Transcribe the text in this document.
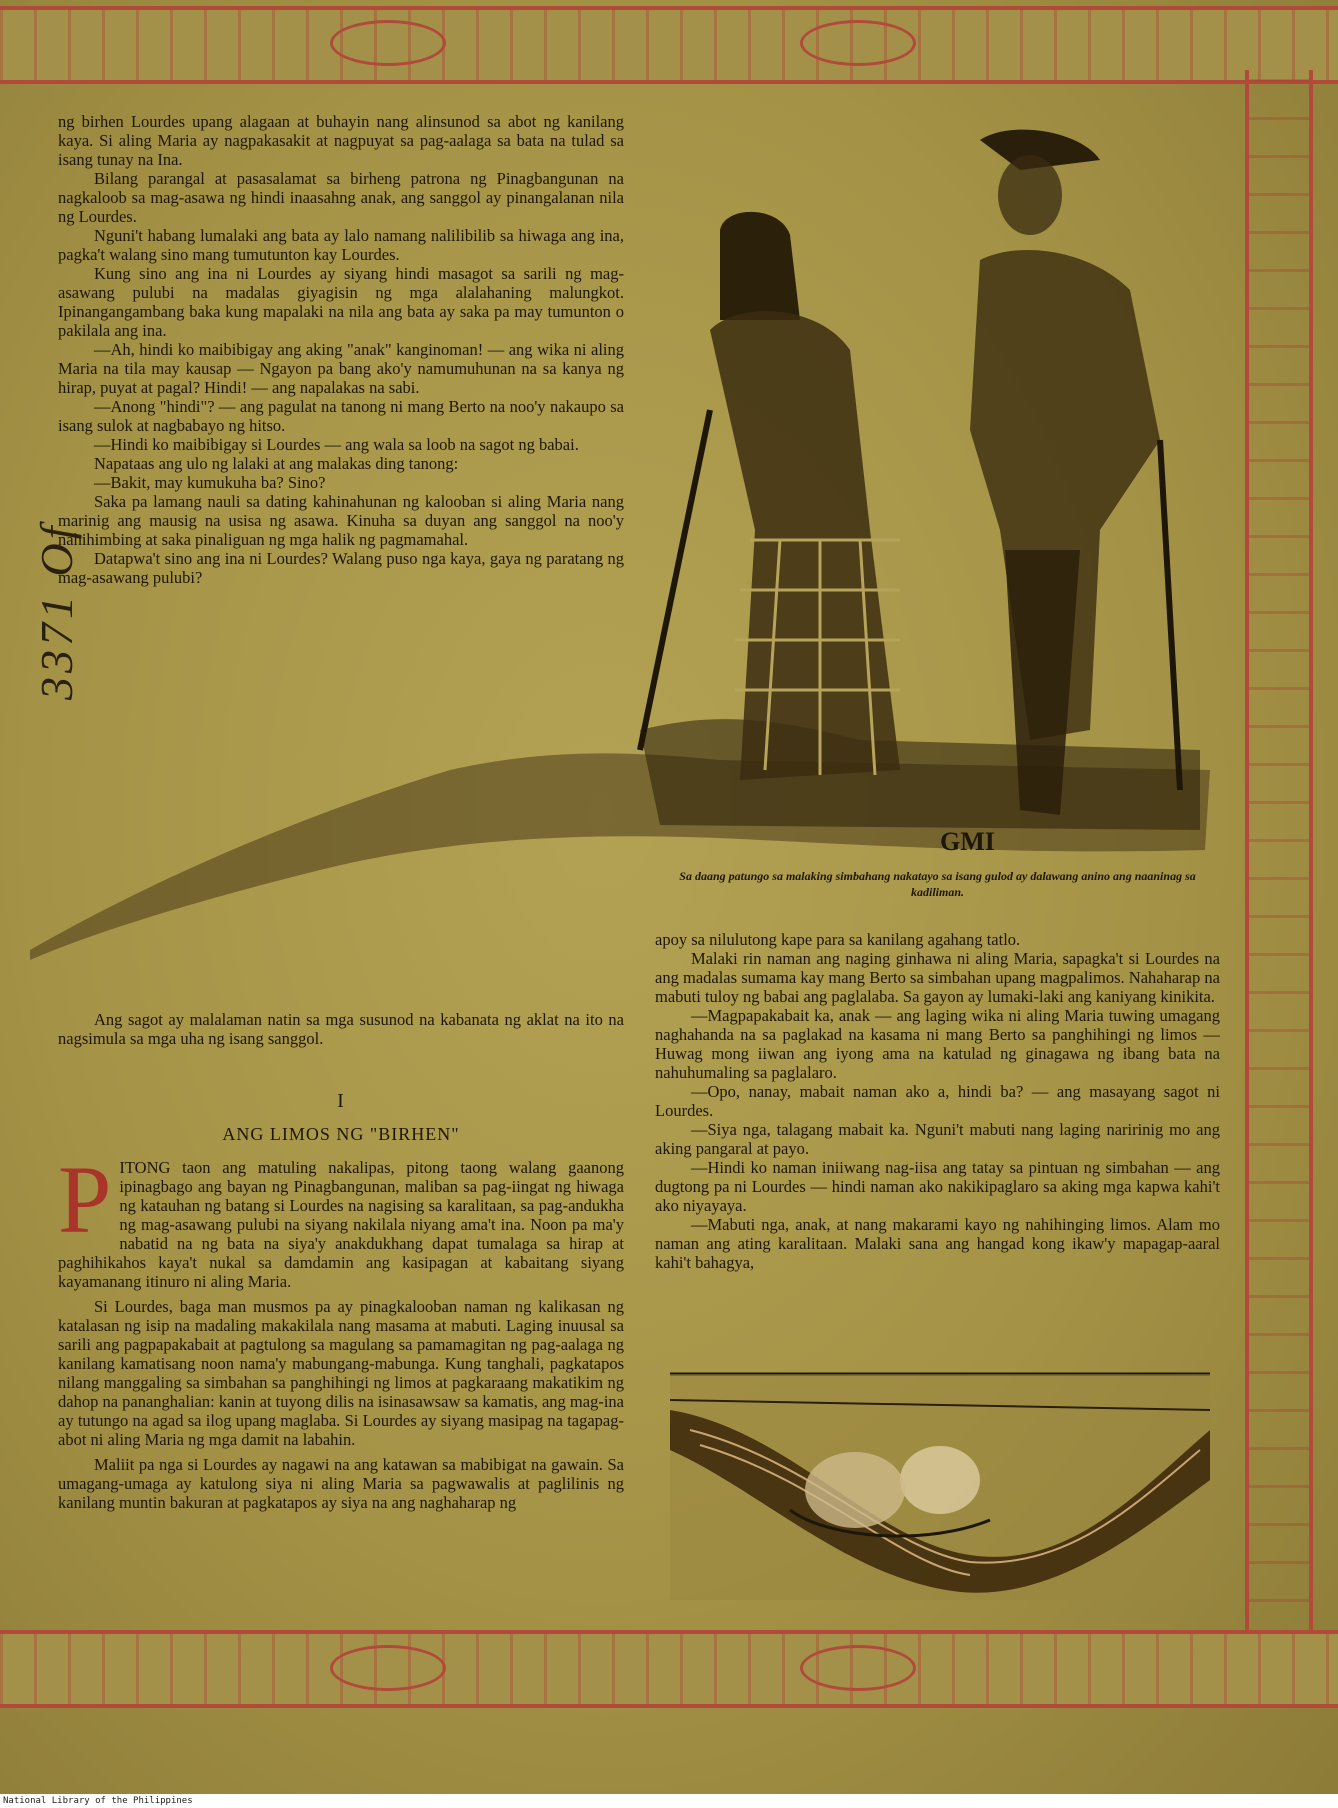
ng birhen Lourdes upang alagaan at buhayin nang alinsunod sa abot ng kanilang kaya. Si aling Maria ay nagpakasakit at nagpuyat sa pag-aalaga sa bata na tulad sa isang tunay na Ina.

Bilang parangal at pasasalamat sa birheng patrona ng Pinagbangunan na nagkaloob sa mag-asawa ng hindi inaasahng anak, ang sanggol ay pinangalanan nila ng Lourdes.

Nguni't habang lumalaki ang bata ay lalo namang nalilibilib sa hiwaga ang ina, pagka't walang sino mang tumutunton kay Lourdes.

Kung sino ang ina ni Lourdes ay siyang hindi masagot sa sarili ng mag-asawang pulubi na madalas giyagisin ng mga alalahaning malungkot. Ipinangangambang baka kung mapalaki na nila ang bata ay saka pa may tumunton o pakilala ang ina.

—Ah, hindi ko maibibigay ang aking "anak" kanginoman! — ang wika ni aling Maria na tila may kausap — Ngayon pa bang ako'y namumuhunan na sa kanya ng hirap, puyat at pagal? Hindi! — ang napalakas na sabi.

—Anong "hindi"? — ang pagulat na tanong ni mang Berto na noo'y nakaupo sa isang sulok at nagbabayo ng hitso.

—Hindi ko maibibigay si Lourdes — ang wala sa loob na sagot ng babai.

Napataas ang ulo ng lalaki at ang malakas ding tanong:

—Bakit, may kumukuha ba? Sino?

Saka pa lamang nauli sa dating kahinahunan ng kalooban si aling Maria nang marinig ang mausig na usisa ng asawa. Kinuha sa duyan ang sanggol na noo'y nahihimbing at saka pinaliguan ng mga halik ng pagmamahal.

Datapwa't sino ang ina ni Lourdes? Walang puso nga kaya, gaya ng paratang ng mag-asawang pulubi?

3371 Of
GMI
Sa daang patungo sa malaking simbahang nakatayo sa isang gulod ay dalawang anino ang naaninag sa kadiliman.

Ang sagot ay malalaman natin sa mga susunod na kabanata ng aklat na ito na nagsimula sa mga uha ng isang sanggol.

I
ANG LIMOS NG "BIRHEN"

PITONG taon ang matuling nakalipas, pitong taong walang gaanong ipinagbago ang bayan ng Pinagbangunan, maliban sa pag-iingat ng hiwaga ng katauhan ng batang si Lourdes na nagising sa karalitaan, sa pag-andukha ng mag-asawang pulubi na siyang nakilala niyang ama't ina. Noon pa ma'y nabatid na ng bata na siya'y anakdukhang dapat tumalaga sa hirap at paghihikahos kaya't nukal sa damdamin ang kasipagan at kabaitang siyang kayamanang itinuro ni aling Maria.

Si Lourdes, baga man musmos pa ay pinagkalooban naman ng kalikasan ng katalasan ng isip na madaling makakilala nang masama at mabuti. Laging inuusal sa sarili ang pagpapakabait at pagtulong sa magulang sa pamamagitan ng pag-aalaga ng kanilang kamatisang noon nama'y mabungang-mabunga. Kung tanghali, pagkatapos nilang manggaling sa simbahan sa panghihingi ng limos at pagkaraang makatikim ng dahop na pananghalian: kanin at tuyong dilis na isinasawsaw sa kamatis, ang mag-ina ay tutungo na agad sa ilog upang maglaba. Si Lourdes ay siyang masipag na tagapag-abot ni aling Maria ng mga damit na labahin.

Maliit pa nga si Lourdes ay nagawi na ang katawan sa mabibigat na gawain. Sa umagang-umaga ay katulong siya ni aling Maria sa pagwawalis at paglilinis ng kanilang muntin bakuran at pagkatapos ay siya na ang naghaharap ng

apoy sa nilulutong kape para sa kanilang agahang tatlo.

Malaki rin naman ang naging ginhawa ni aling Maria, sapagka't si Lourdes na ang madalas sumama kay mang Berto sa simbahan upang magpalimos. Nahaharap na mabuti tuloy ng babai ang paglalaba. Sa gayon ay lumaki-laki ang kaniyang kinikita.

—Magpapakabait ka, anak — ang laging wika ni aling Maria tuwing umagang naghahanda na sa paglakad na kasama ni mang Berto sa panghihingi ng limos — Huwag mong iiwan ang iyong ama na katulad ng ginagawa ng ibang bata na nahuhumaling sa paglalaro.

—Opo, nanay, mabait naman ako a, hindi ba? — ang masayang sagot ni Lourdes.

—Siya nga, talagang mabait ka. Nguni't mabuti nang laging naririnig mo ang aking pangaral at payo.

—Hindi ko naman iniiwang nag-iisa ang tatay sa pintuan ng simbahan — ang dugtong pa ni Lourdes — hindi naman ako nakikipaglaro sa aking mga kapwa kahi't ako niyayaya.

—Mabuti nga, anak, at nang makarami kayo ng nahihinging limos. Alam mo naman ang ating karalitaan. Malaki sana ang hangad kong ikaw'y mapagap-aaral kahi't bahagya,

National Library of the Philippines
